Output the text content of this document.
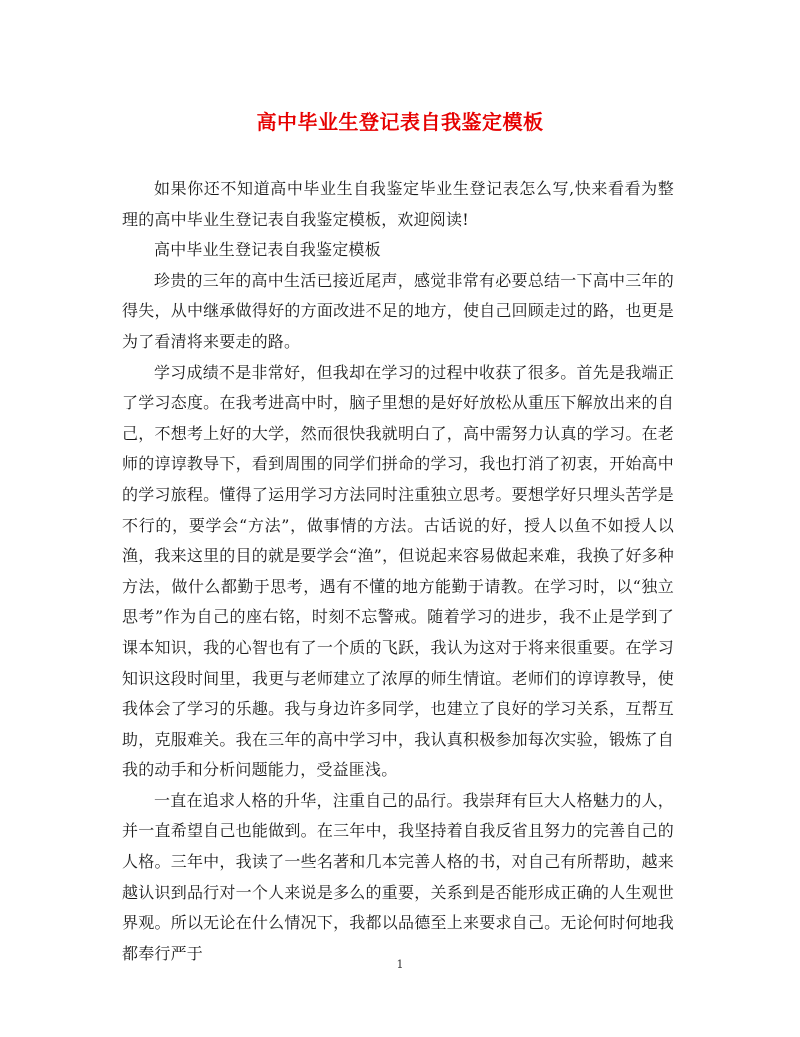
高中毕业生登记表自我鉴定模板

如果你还不知道高中毕业生自我鉴定毕业生登记表怎么写,快来看看为整理的高中毕业生登记表自我鉴定模板，欢迎阅读!

高中毕业生登记表自我鉴定模板

珍贵的三年的高中生活已接近尾声，感觉非常有必要总结一下高中三年的得失，从中继承做得好的方面改进不足的地方，使自己回顾走过的路，也更是为了看清将来要走的路。

学习成绩不是非常好，但我却在学习的过程中收获了很多。首先是我端正了学习态度。在我考进高中时，脑子里想的是好好放松从重压下解放出来的自己，不想考上好的大学，然而很快我就明白了，高中需努力认真的学习。在老师的谆谆教导下，看到周围的同学们拼命的学习，我也打消了初衷，开始高中的学习旅程。懂得了运用学习方法同时注重独立思考。要想学好只埋头苦学是不行的，要学会“方法”，做事情的方法。古话说的好，授人以鱼不如授人以渔，我来这里的目的就是要学会“渔”，但说起来容易做起来难，我换了好多种方法，做什么都勤于思考，遇有不懂的地方能勤于请教。在学习时，以“独立思考”作为自己的座右铭，时刻不忘警戒。随着学习的进步，我不止是学到了课本知识，我的心智也有了一个质的飞跃，我认为这对于将来很重要。在学习知识这段时间里，我更与老师建立了浓厚的师生情谊。老师们的谆谆教导，使我体会了学习的乐趣。我与身边许多同学，也建立了良好的学习关系，互帮互助，克服难关。我在三年的高中学习中，我认真积极参加每次实验，锻炼了自我的动手和分析问题能力，受益匪浅。

一直在追求人格的升华，注重自己的品行。我崇拜有巨大人格魅力的人，并一直希望自己也能做到。在三年中，我坚持着自我反省且努力的完善自己的人格。三年中，我读了一些名著和几本完善人格的书，对自己有所帮助，越来越认识到品行对一个人来说是多么的重要，关系到是否能形成正确的人生观世界观。所以无论在什么情况下，我都以品德至上来要求自己。无论何时何地我都奉行严于

1
